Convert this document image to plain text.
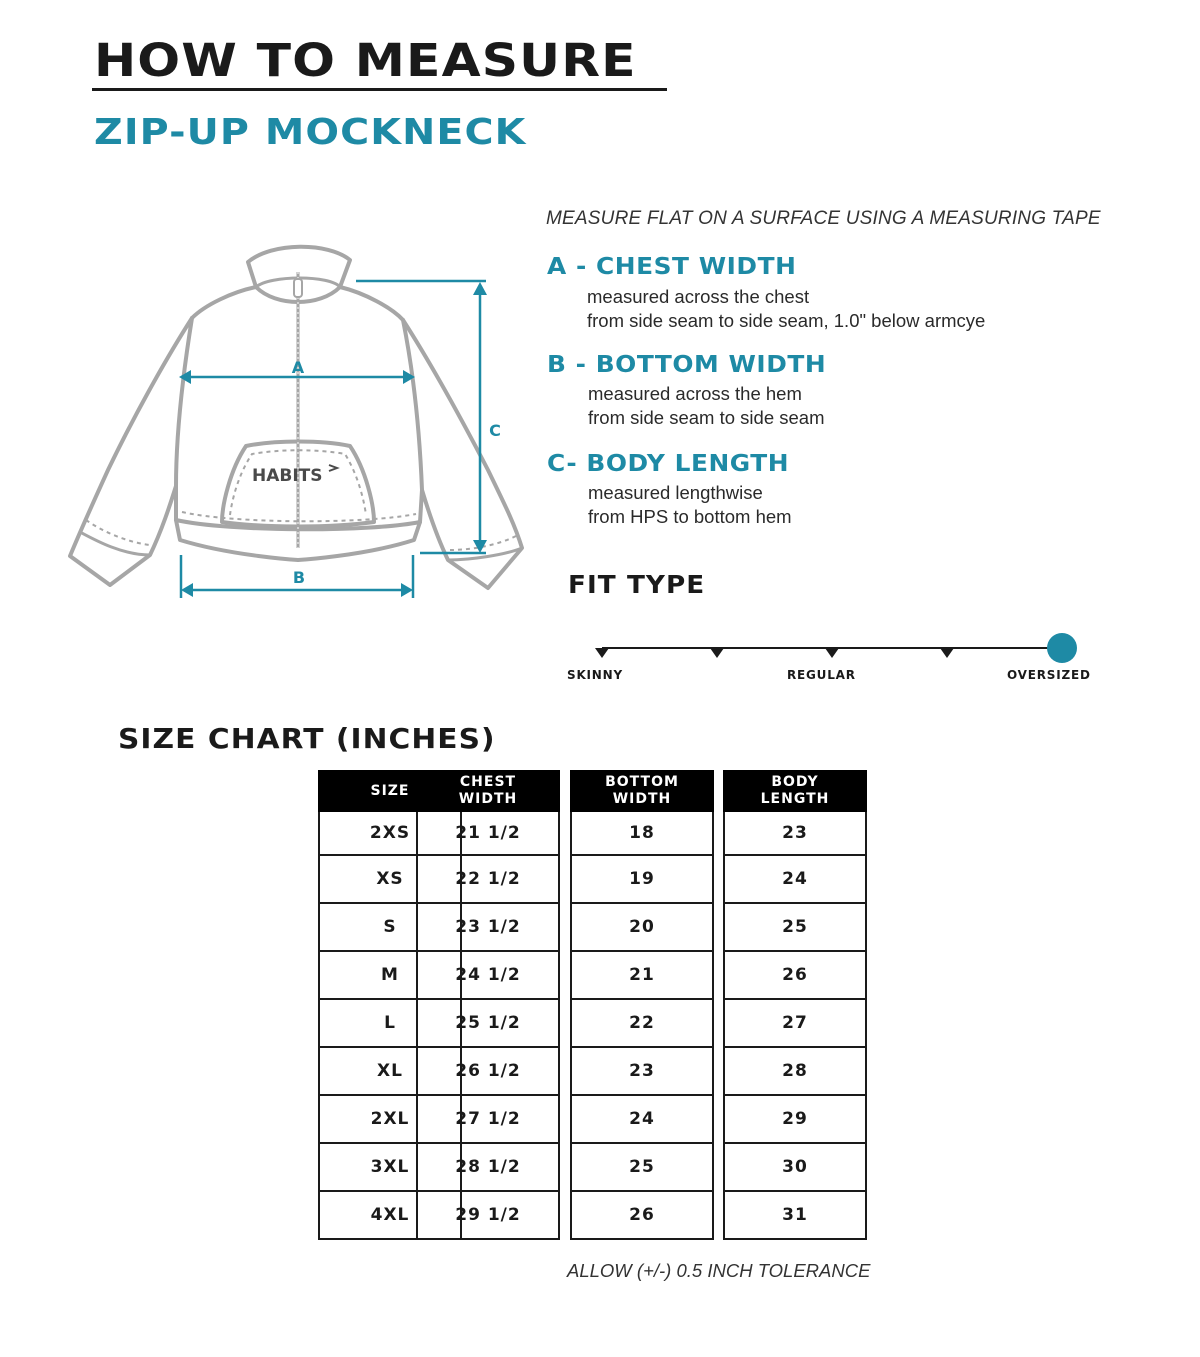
HOW TO MEASURE
ZIP-UP MOCKNECK
HABITS
A
B
C
MEASURE FLAT ON A SURFACE USING A MEASURING TAPE
A - CHEST WIDTH
measured across the chest
from side seam to side seam, 1.0" below armcye
B - BOTTOM WIDTH
measured across the hem
from side seam to side seam
C- BODY LENGTH
measured lengthwise
from HPS to bottom hem
FIT TYPE
SKINNY	REGULAR	OVERSIZED
SIZE CHART (INCHES)
SIZE
2XS
XS
S
M
L
XL
2XL
3XL
4XL
CHEST
WIDTH
21 1/2
22 1/2
23 1/2
24 1/2
25 1/2
26 1/2
27 1/2
28 1/2
29 1/2
BOTTOM
WIDTH
18
19
20
21
22
23
24
25
26
BODY
LENGTH
23
24
25
26
27
28
29
30
31
ALLOW (+/-) 0.5 INCH TOLERANCE
